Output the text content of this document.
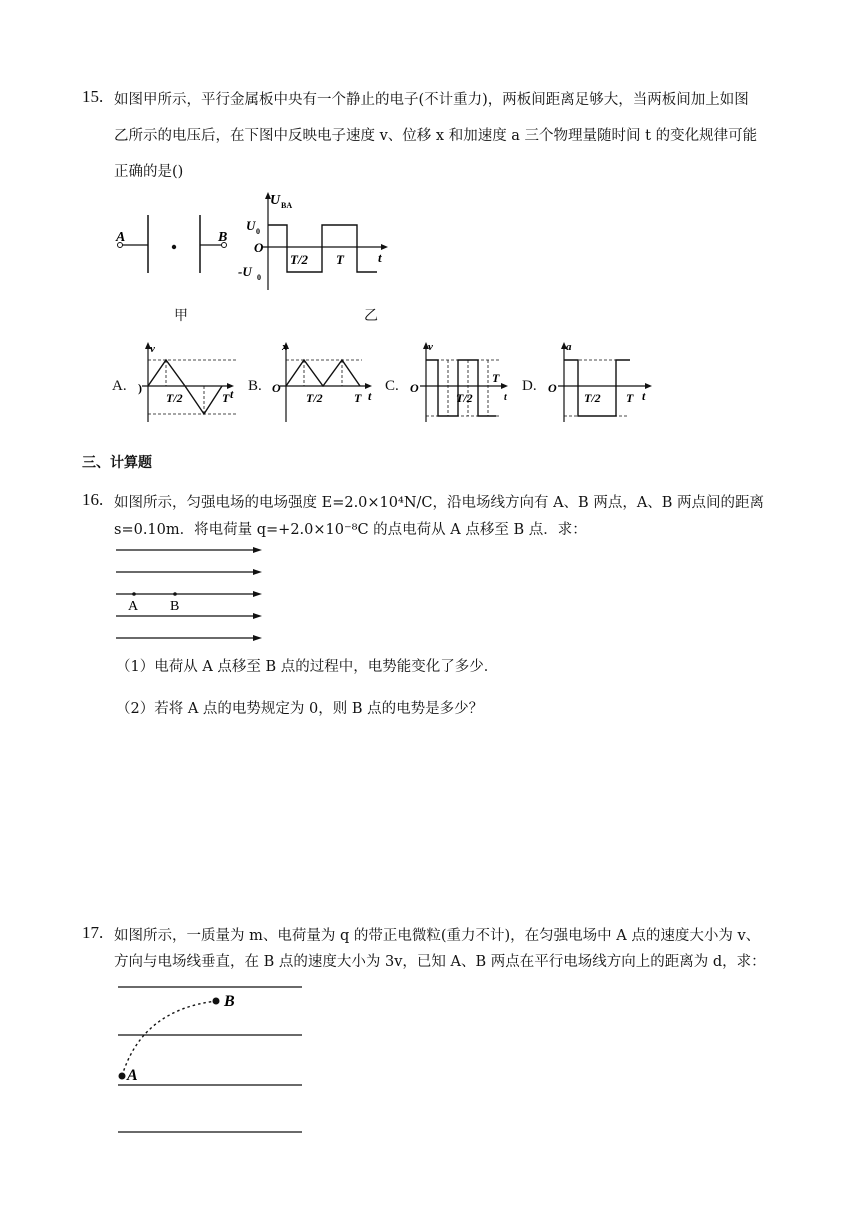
15. 如图甲所示，平行金属板中央有一个静止的电子(不计重力)，两板间距离足够大，当两板间加上如图
乙所示的电压后，在下图中反映电子速度 v、位移 x 和加速度 a 三个物理量随时间 t 的变化规律可能
正确的是()
A	B
甲
U BA
U 0
O
-U 0
T/2 T	t
乙
A.
v
)
T/2	T t B.
x
O
T/2	T t
C.
v
O
T/2
T
t
D.
a
O
T/2 T t
三、计算题
16. 如图所示，匀强电场的电场强度 E=2.0×10⁴N/C，沿电场线方向有 A、B 两点，A、B 两点间的距离
s=0.10m．将电荷量 q=+2.0×10⁻⁸C 的点电荷从 A 点移至 B 点．求：
A B
（1）电荷从 A 点移至 B 点的过程中，电势能变化了多少．
（2）若将 A 点的电势规定为 0，则 B 点的电势是多少？
17. 如图所示，一质量为 m、电荷量为 q 的带正电微粒(重力不计)，在匀强电场中 A 点的速度大小为 v、
方向与电场线垂直，在 B 点的速度大小为 3v，已知 A、B 两点在平行电场线方向上的距离为 d，求：
A
B
